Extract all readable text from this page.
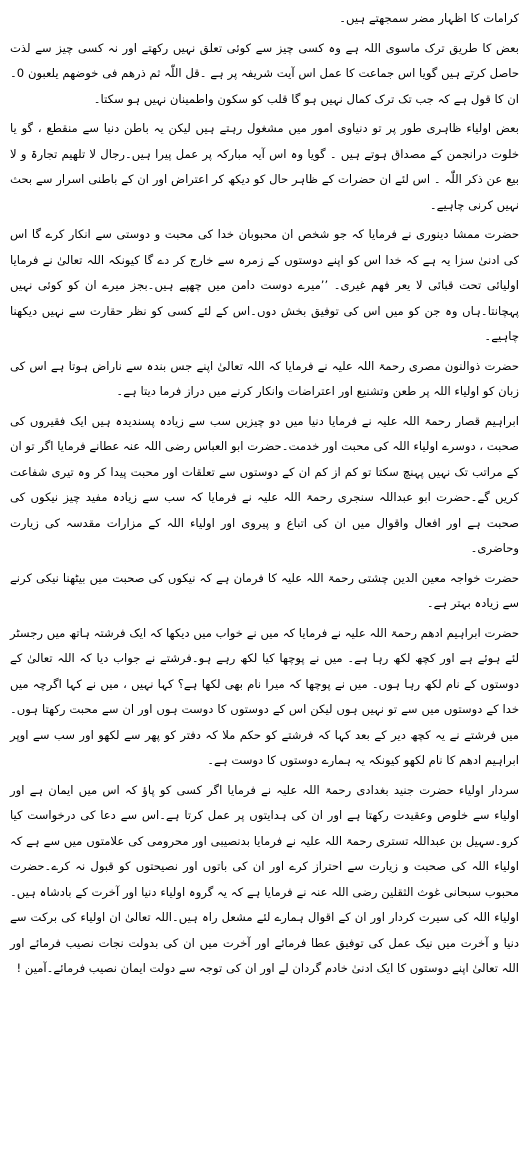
کرامات کا اظہار مضر سمجھتے ہیں۔

بعض کا طریق ترک ماسوی اللہ ہے وہ کسی چیز سے کوئی تعلق نہیں رکھتے اور نہ کسی چیز سے لذت حاصل کرتے ہیں گویا اس جماعت کا عمل اس آیت شریفہ پر ہے ۔قل اللّٰہ ثم ذرھم فی خوضھم یلعبون 0۔ان کا قول ہے کہ جب تک ترک کمال نہیں ہو گا قلب کو سکون واطمینان نہیں ہو سکتا۔

بعض اولیاء ظاہری طور پر تو دنیاوی امور میں مشغول رہتے ہیں لیکن یہ باطن دنیا سے منقطع ، گو یا خلوت درانجمن کے مصداق ہوتے ہیں ۔ گویا وہ اس آیہ مبارکہ پر عمل پیرا ہیں۔رجال لا تلھیم تجارۃ و لا بیع عن ذکر اللّٰہ ۔ اس لئے ان حضرات کے ظاہر حال کو دیکھ کر اعتراض اور ان کے باطنی اسرار سے بحث نہیں کرنی چاہیے۔

حضرت ممشا دینوری نے فرمایا کہ جو شخص ان محبوبان خدا کی محبت و دوستی سے انکار کرے گا اس کی ادنیٰ سزا یہ ہے کہ خدا اس کو اپنے دوستوں کے زمرہ سے خارج کر دے گا کیونکہ اللہ تعالیٰ نے فرمایا اولیائی تحت قبائی لا یعر فھم غیری۔ ’’میرے دوست دامن میں چھپے ہیں۔بجز میرے ان کو کوئی نہیں پہچانتا۔ہاں وہ جن کو میں اس کی توفیق بخش دوں۔اس کے لئے کسی کو نظر حقارت سے نہیں دیکھنا چاہیے۔

حضرت ذوالنون مصری رحمۃ اللہ علیہ نے فرمایا کہ اللہ تعالیٰ اپنے جس بندہ سے ناراض ہوتا ہے اس کی زبان کو اولیاء اللہ پر طعن وتشنیع اور اعتراضات وانکار کرنے میں دراز فرما دیتا ہے۔

ابراہیم قصار رحمۃ اللہ علیہ نے فرمایا دنیا میں دو چیزیں سب سے زیادہ پسندیدہ ہیں ایک فقیروں کی صحبت ، دوسرے اولیاء اللہ کی محبت اور خدمت۔حضرت ابو العباس رضی اللہ عنہ عطانے فرمایا اگر تو ان کے مراتب تک نہیں پہنچ سکتا تو کم از کم ان کے دوستوں سے تعلقات اور محبت پیدا کر وہ تیری شفاعت کریں گے۔حضرت ابو عبداللہ سنجری رحمۃ اللہ علیہ نے فرمایا کہ سب سے زیادہ مفید چیز نیکوں کی صحبت ہے اور افعال واقوال میں ان کی اتباع و پیروی اور اولیاء اللہ کے مزارات مقدسہ کی زیارت وحاضری۔

حضرت خواجہ معین الدین چشتی رحمۃ اللہ علیہ کا فرمان ہے کہ نیکوں کی صحبت میں بیٹھنا نیکی کرنے سے زیادہ بہتر ہے۔

حضرت ابراہیم ادھم رحمۃ اللہ علیہ نے فرمایا کہ میں نے خواب میں دیکھا کہ ایک فرشتہ ہاتھ میں رجسٹر لئے ہوئے ہے اور کچھ لکھ رہا ہے۔ میں نے پوچھا کیا لکھ رہے ہو۔فرشتے نے جواب دیا کہ اللہ تعالیٰ کے دوستوں کے نام لکھ رہا ہوں۔ میں نے پوچھا کہ میرا نام بھی لکھا ہے؟ کہا نہیں ، میں نے کہا اگرچہ میں خدا کے دوستوں میں سے تو نہیں ہوں لیکن اس کے دوستوں کا دوست ہوں اور ان سے محبت رکھتا ہوں۔ میں فرشتے نے یہ کچھ دیر کے بعد کہا کہ فرشتے کو حکم ملا کہ دفتر کو پھر سے لکھو اور سب سے اوپر ابراہیم ادھم کا نام لکھو کیونکہ یہ ہمارے دوستوں کا دوست ہے۔

سردار اولیاء حضرت جنید بغدادی رحمۃ اللہ علیہ نے فرمایا اگر کسی کو پاؤ کہ اس میں ایمان ہے اور اولیاء سے خلوص وعقیدت رکھتا ہے اور ان کی ہدایتوں پر عمل کرتا ہے۔اس سے دعا کی درخواست کیا کرو۔سہیل بن عبداللہ تستری رحمۃ اللہ علیہ نے فرمایا بدنصیبی اور محرومی کی علامتوں میں سے ہے کہ اولیاء اللہ کی صحبت و زیارت سے احتراز کرے اور ان کی باتوں اور نصیحتوں کو قبول نہ کرے۔حضرت محبوب سبحانی غوث الثقلین رضی اللہ عنہ نے فرمایا ہے کہ یہ گروہ اولیاء دنیا اور آخرت کے بادشاہ ہیں۔اولیاء اللہ کی سیرت کردار اور ان کے اقوال ہمارے لئے مشعل راہ ہیں۔اللہ تعالیٰ ان اولیاء کی برکت سے دنیا و آخرت میں نیک عمل کی توفیق عطا فرمائے اور آخرت میں ان کی بدولت نجات نصیب فرمائے اور اللہ تعالیٰ اپنے دوستوں کا ایک ادنیٰ خادم گردان لے اور ان کی توجہ سے دولت ایمان نصیب فرمائے۔آمین !
